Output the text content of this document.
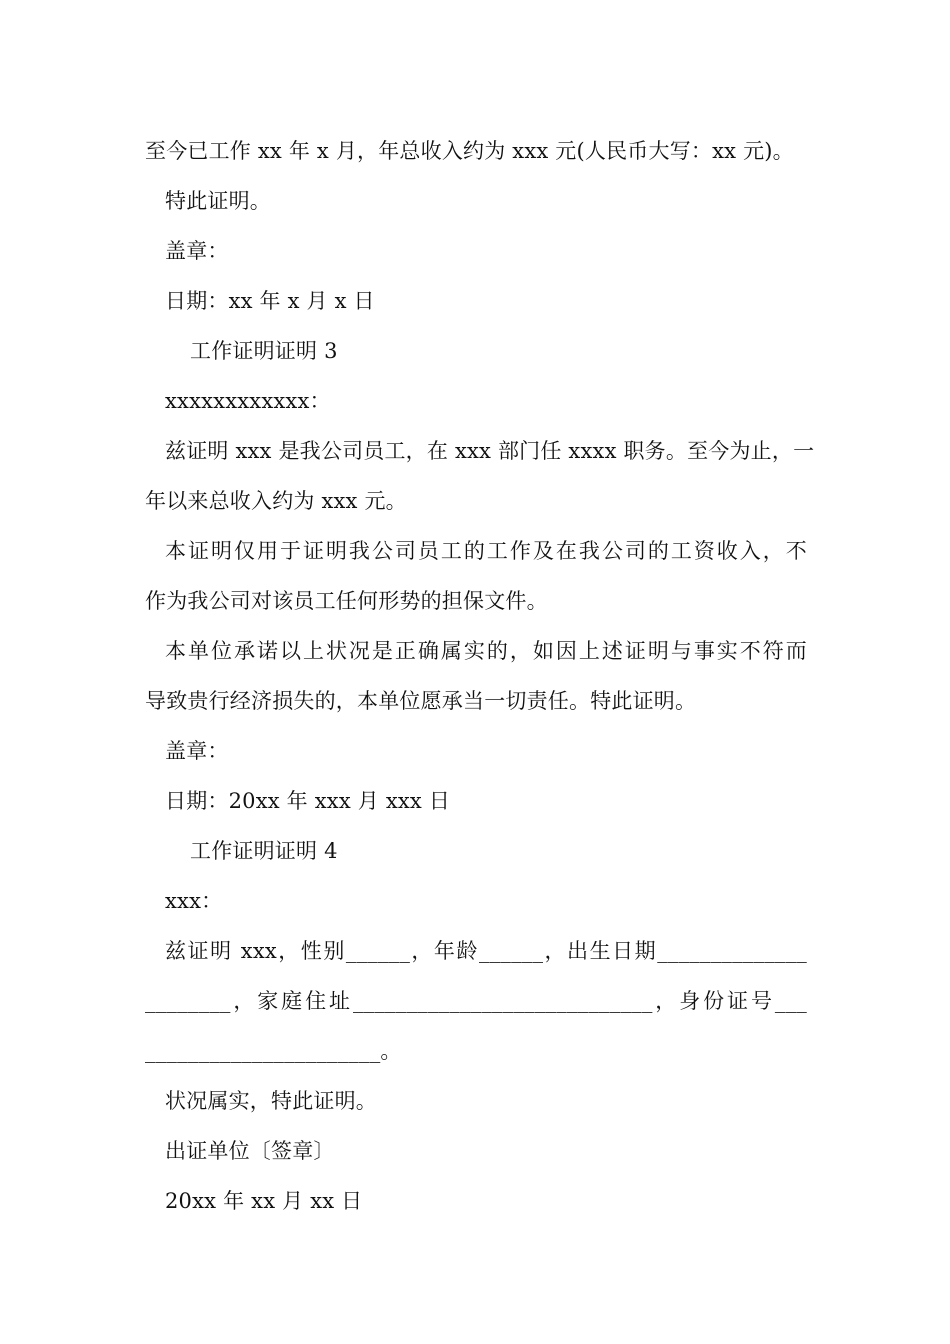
至今已工作 xx 年 x 月，年总收入约为 xxx 元(人民币大写：xx 元)。
特此证明。
盖章：
日期：xx 年 x 月 x 日
工作证明证明 3
xxxxxxxxxxxx：
兹证明 xxx 是我公司员工，在 xxx 部门任 xxxx 职务。至今为止，一
年以来总收入约为 xxx 元。
本证明仅用于证明我公司员工的工作及在我公司的工资收入，不
作为我公司对该员工任何形势的担保文件。
本单位承诺以上状况是正确属实的，如因上述证明与事实不符而
导致贵行经济损失的，本单位愿承当一切责任。特此证明。
盖章：
日期：20xx 年 xxx 月 xxx 日
工作证明证明 4
xxx：
兹证明 xxx，性别______，年龄______，出生日期______________
________，家庭住址____________________________，身份证号___
______________________。
状况属实，特此证明。
出证单位〔签章〕
20xx 年 xx 月 xx 日
